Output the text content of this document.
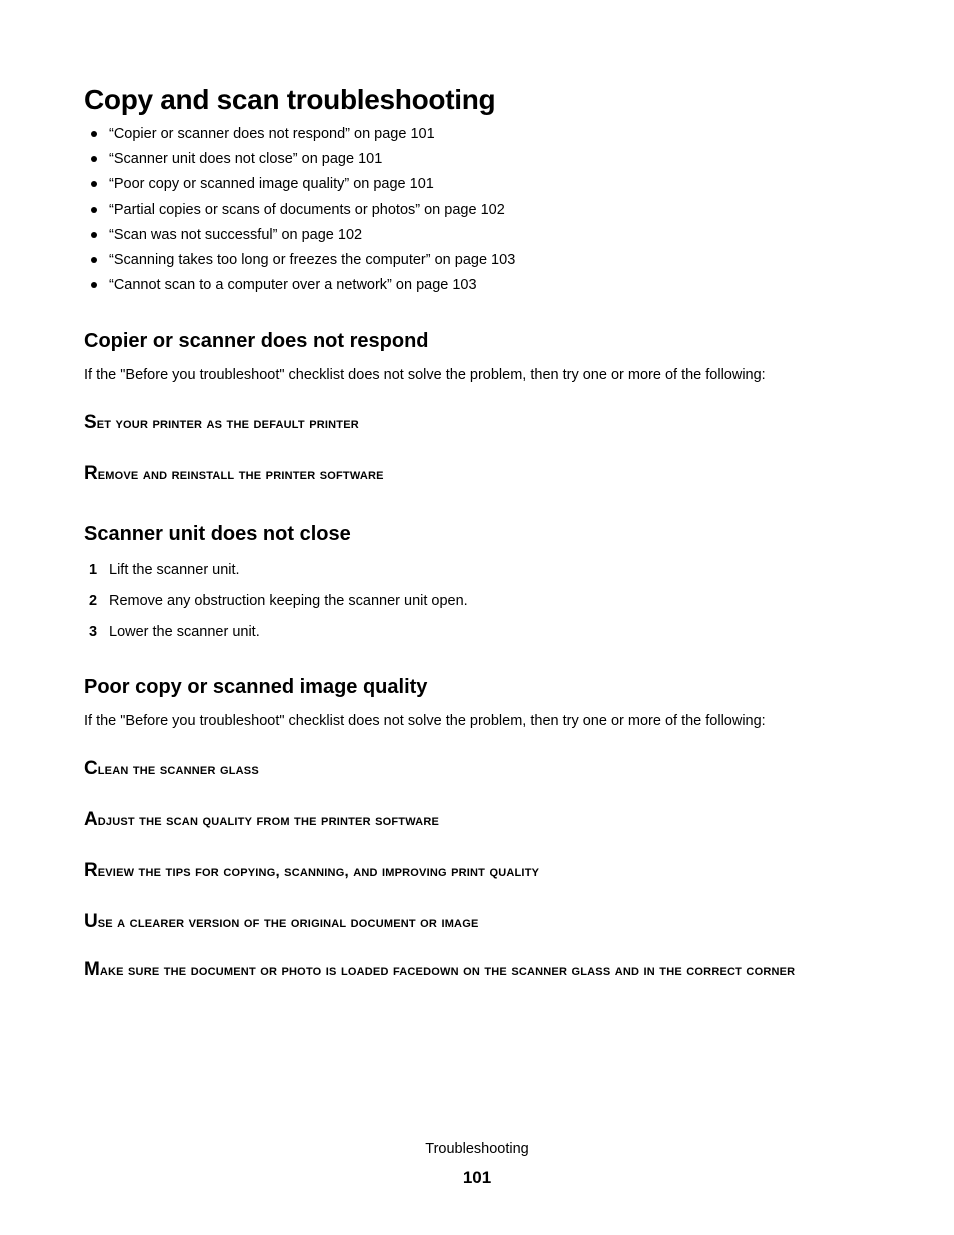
Copy and scan troubleshooting
“Copier or scanner does not respond” on page 101
“Scanner unit does not close” on page 101
“Poor copy or scanned image quality” on page 101
“Partial copies or scans of documents or photos” on page 102
“Scan was not successful” on page 102
“Scanning takes too long or freezes the computer” on page 103
“Cannot scan to a computer over a network” on page 103
Copier or scanner does not respond

If the "Before you troubleshoot" checklist does not solve the problem, then try one or more of the following:

Set your printer as the default printer
Remove and reinstall the printer software
Scanner unit does not close
1 Lift the scanner unit.
2 Remove any obstruction keeping the scanner unit open.
3 Lower the scanner unit.
Poor copy or scanned image quality

If the "Before you troubleshoot" checklist does not solve the problem, then try one or more of the following:

Clean the scanner glass
Adjust the scan quality from the printer software
Review the tips for copying, scanning, and improving print quality
Use a clearer version of the original document or image
Make sure the document or photo is loaded facedown on the scanner glass and in the correct corner
Troubleshooting
101
